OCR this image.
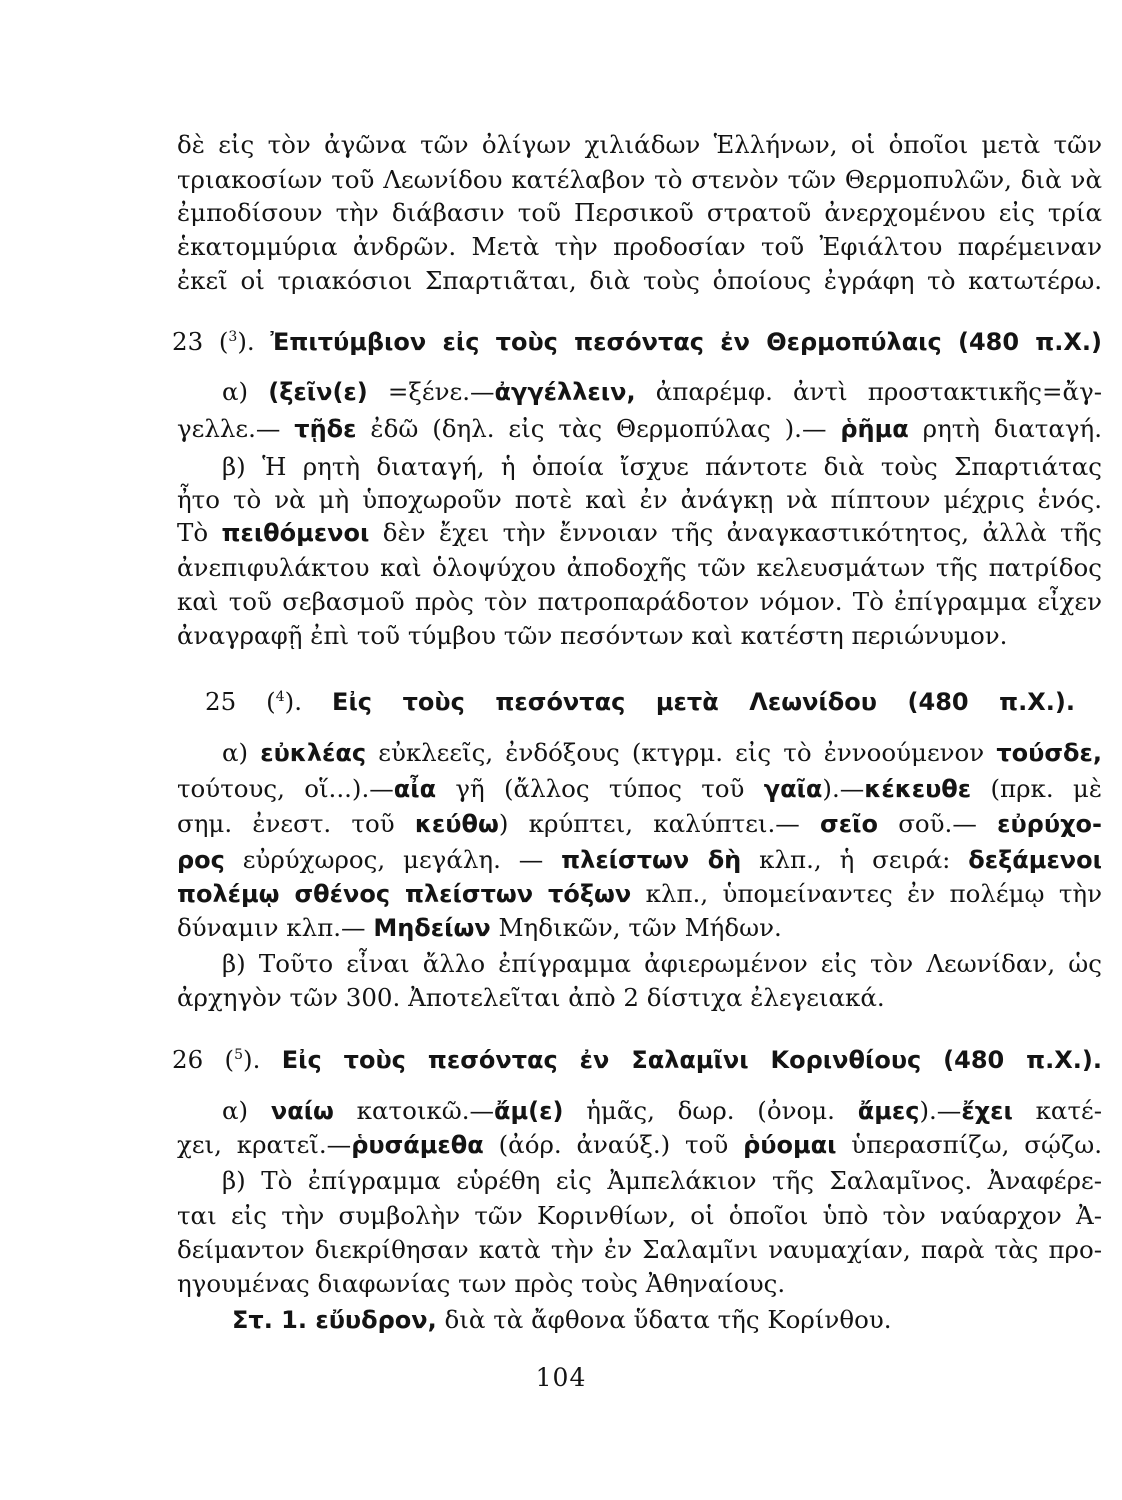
δὲ εἰς τὸν ἀγῶνα τῶν ὀλίγων χιλιάδων Ἑλλήνων, οἱ ὁποῖοι μετὰ τῶν
τριακοσίων τοῦ Λεωνίδου κατέλαβον τὸ στενὸν τῶν Θερμοπυλῶν, διὰ νὰ
ἐμποδίσουν τὴν διάβασιν τοῦ Περσικοῦ στρατοῦ ἀνερχομένου εἰς τρία
ἑκατομμύρια ἀνδρῶν. Μετὰ τὴν προδοσίαν τοῦ Ἐφιάλτου παρέμειναν
ἐκεῖ οἱ τριακόσιοι Σπαρτιᾶται, διὰ τοὺς ὁποίους ἐγράφη τὸ κατωτέρω.
23 ($^3$). Ἐπιτύμβιον εἰς τοὺς πεσόντας ἐν Θερμοπύλαις (480 π.Χ.)
α) (ξεῖν(ε) =ξένε.—ἀγγέλλειν, ἀπαρέμφ. ἀντὶ προστακτικῆς=ἄγ-
γελλε.— τῇδε ἐδῶ (δηλ. εἰς τὰς Θερμοπύλας ).— ῥῆμα ρητὴ διαταγή.
β) Ἡ ρητὴ διαταγή, ἡ ὁποία ἴσχυε πάντοτε διὰ τοὺς Σπαρτιάτας
ἦτο τὸ νὰ μὴ ὑποχωροῦν ποτὲ καὶ ἐν ἀνάγκῃ νὰ πίπτουν μέχρις ἑνός.
Τὸ πειθόμενοι δὲν ἔχει τὴν ἔννοιαν τῆς ἀναγκαστικότητος, ἀλλὰ τῆς
ἀνεπιφυλάκτου καὶ ὁλοψύχου ἀποδοχῆς τῶν κελευσμάτων τῆς πατρίδος
καὶ τοῦ σεβασμοῦ πρὸς τὸν πατροπαράδοτον νόμον. Τὸ ἐπίγραμμα εἶχεν
ἀναγραφῇ ἐπὶ τοῦ τύμβου τῶν πεσόντων καὶ κατέστη περιώνυμον.
25 ($^4$). Εἰς τοὺς πεσόντας μετὰ Λεωνίδου (480 π.Χ.).
α) εὐκλέας εὐκλεεῖς, ἐνδόξους (κτγρμ. εἰς τὸ ἐννοούμενον τούσδε,
τούτους, οἵ...).—αἶα γῆ (ἄλλος τύπος τοῦ γαῖα).—κέκευθε (πρκ. μὲ
σημ. ἐνεστ. τοῦ κεύθω) κρύπτει, καλύπτει.— σεῖο σοῦ.— εὐρύχο-
ρος εὐρύχωρος, μεγάλη. — πλείστων δὴ κλπ., ἡ σειρά: δεξάμενοι
πολέμῳ σθένος πλείστων τόξων κλπ., ὑπομείναντες ἐν πολέμῳ τὴν
δύναμιν κλπ.— Μηδείων Μηδικῶν, τῶν Μήδων.
β) Τοῦτο εἶναι ἄλλο ἐπίγραμμα ἀφιερωμένον εἰς τὸν Λεωνίδαν, ὡς
ἀρχηγὸν τῶν 300. Ἀποτελεῖται ἀπὸ 2 δίστιχα ἐλεγειακά.
26 ($^5$). Εἰς τοὺς πεσόντας ἐν Σαλαμῖνι Κορινθίους (480 π.Χ.).
α) ναίω κατοικῶ.—ἄμ(ε) ἡμᾶς, δωρ. (ὀνομ. ἄμες).—ἔχει κατέ-
χει, κρατεῖ.—ῥυσάμεθα (ἀόρ. ἀναύξ.) τοῦ ῥύομαι ὑπερασπίζω, σῴζω.
β) Τὸ ἐπίγραμμα εὑρέθη εἰς Ἀμπελάκιον τῆς Σαλαμῖνος. Ἀναφέρε-
ται εἰς τὴν συμβολὴν τῶν Κορινθίων, οἱ ὁποῖοι ὑπὸ τὸν ναύαρχον Ἀ-
δείμαντον διεκρίθησαν κατὰ τὴν ἐν Σαλαμῖνι ναυμαχίαν, παρὰ τὰς προ-
ηγουμένας διαφωνίας των πρὸς τοὺς Ἀθηναίους.
Στ. 1. εὔυδρον, διὰ τὰ ἄφθονα ὕδατα τῆς Κορίνθου.
104
